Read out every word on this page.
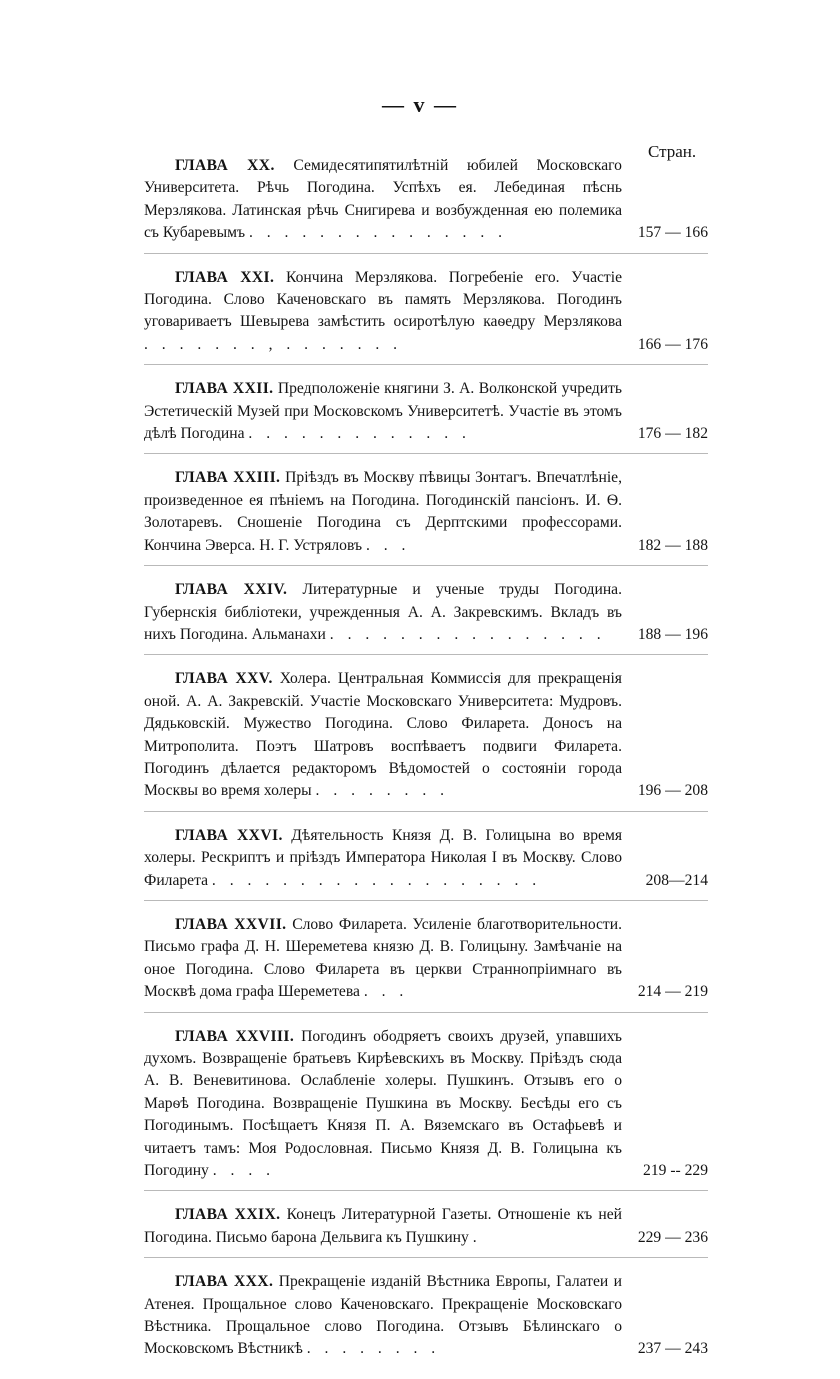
— v —
Стран.
ГЛАВА XX. Семидесятипятилѣтній юбилей Московскаго Университета. Рѣчь Погодина. Успѣхъ ея. Лебединая пѣснь Мерзлякова. Латинская рѣчь Снигирева и возбужденная ею полемика съ Кубаревымъ . . . . . . . . . . . . . . .	157 — 166
ГЛАВА XXI. Кончина Мерзлякова. Погребеніе его. Участіе Погодина. Слово Каченовскаго въ память Мерзлякова. Погодинъ уговариваетъ Шевырева замѣстить осиротѣлую каѳедру Мерзлякова . . . . . . . , . . . . . . .	166 — 176
ГЛАВА XXII. Предположеніе княгини З. А. Волконской учредить Эстетическій Музей при Московскомъ Университетѣ. Участіе въ этомъ дѣлѣ Погодина . . . . . . . . . . . . .	176 — 182
ГЛАВА XXIII. Пріѣздъ въ Москву пѣвицы Зонтагъ. Впечатлѣніе, произведенное ея пѣніемъ на Погодина. Погодинскій пансіонъ. И. Ѳ. Золотаревъ. Сношеніе Погодина съ Дерптскими профессорами. Кончина Эверса. Н. Г. Устряловъ . . .	182 — 188
ГЛАВА XXIV. Литературные и ученые труды Погодина. Губернскія библіотеки, учрежденныя А. А. Закревскимъ. Вкладъ въ нихъ Погодина. Альманахи . . . . . . . . . . . . . . . .	188 — 196
ГЛАВА XXV. Холера. Центральная Коммиссія для прекращенія оной. А. А. Закревскій. Участіе Московскаго Университета: Мудровъ. Дядьковскій. Мужество Погодина. Слово Филарета. Доносъ на Митрополита. Поэтъ Шатровъ воспѣваетъ подвиги Филарета. Погодинъ дѣлается редакторомъ Вѣдомостей о состояніи города Москвы во время холеры . . . . . . . .	196 — 208
ГЛАВА XXVI. Дѣятельность Князя Д. В. Голицына во время холеры. Рескриптъ и пріѣздъ Императора Николая I въ Москву. Слово Филарета . . . . . . . . . . . . . . . . . . .	208—214
ГЛАВА XXVII. Слово Филарета. Усиленіе благотворительности. Письмо графа Д. Н. Шереметева князю Д. В. Голицыну. Замѣчаніе на оное Погодина. Слово Филарета въ церкви Страннопріимнаго въ Москвѣ дома графа Шереметева . . .	214 — 219
ГЛАВА XXVIII. Погодинъ ободряетъ своихъ друзей, упавшихъ духомъ. Возвращеніе братьевъ Кирѣевскихъ въ Москву. Пріѣздъ сюда А. В. Веневитинова. Ослабленіе холеры. Пушкинъ. Отзывъ его о Марѳѣ Погодина. Возвращеніе Пушкина въ Москву. Бесѣды его съ Погодинымъ. Посѣщаетъ Князя П. А. Вяземскаго въ Остафьевѣ и читаетъ тамъ: Моя Родословная. Письмо Князя Д. В. Голицына къ Погодину . . . .	219 -- 229
ГЛАВА XXIX. Конецъ Литературной Газеты. Отношеніе къ ней Погодина. Письмо барона Дельвига къ Пушкину .	229 — 236
ГЛАВА XXX. Прекращеніе изданій Вѣстника Европы, Галатеи и Атенея. Прощальное слово Каченовскаго. Прекращеніе Московскаго Вѣстника. Прощальное слово Погодина. Отзывъ Бѣлинскаго о Московскомъ Вѣстникѣ . . . . . . . .	237 — 243
